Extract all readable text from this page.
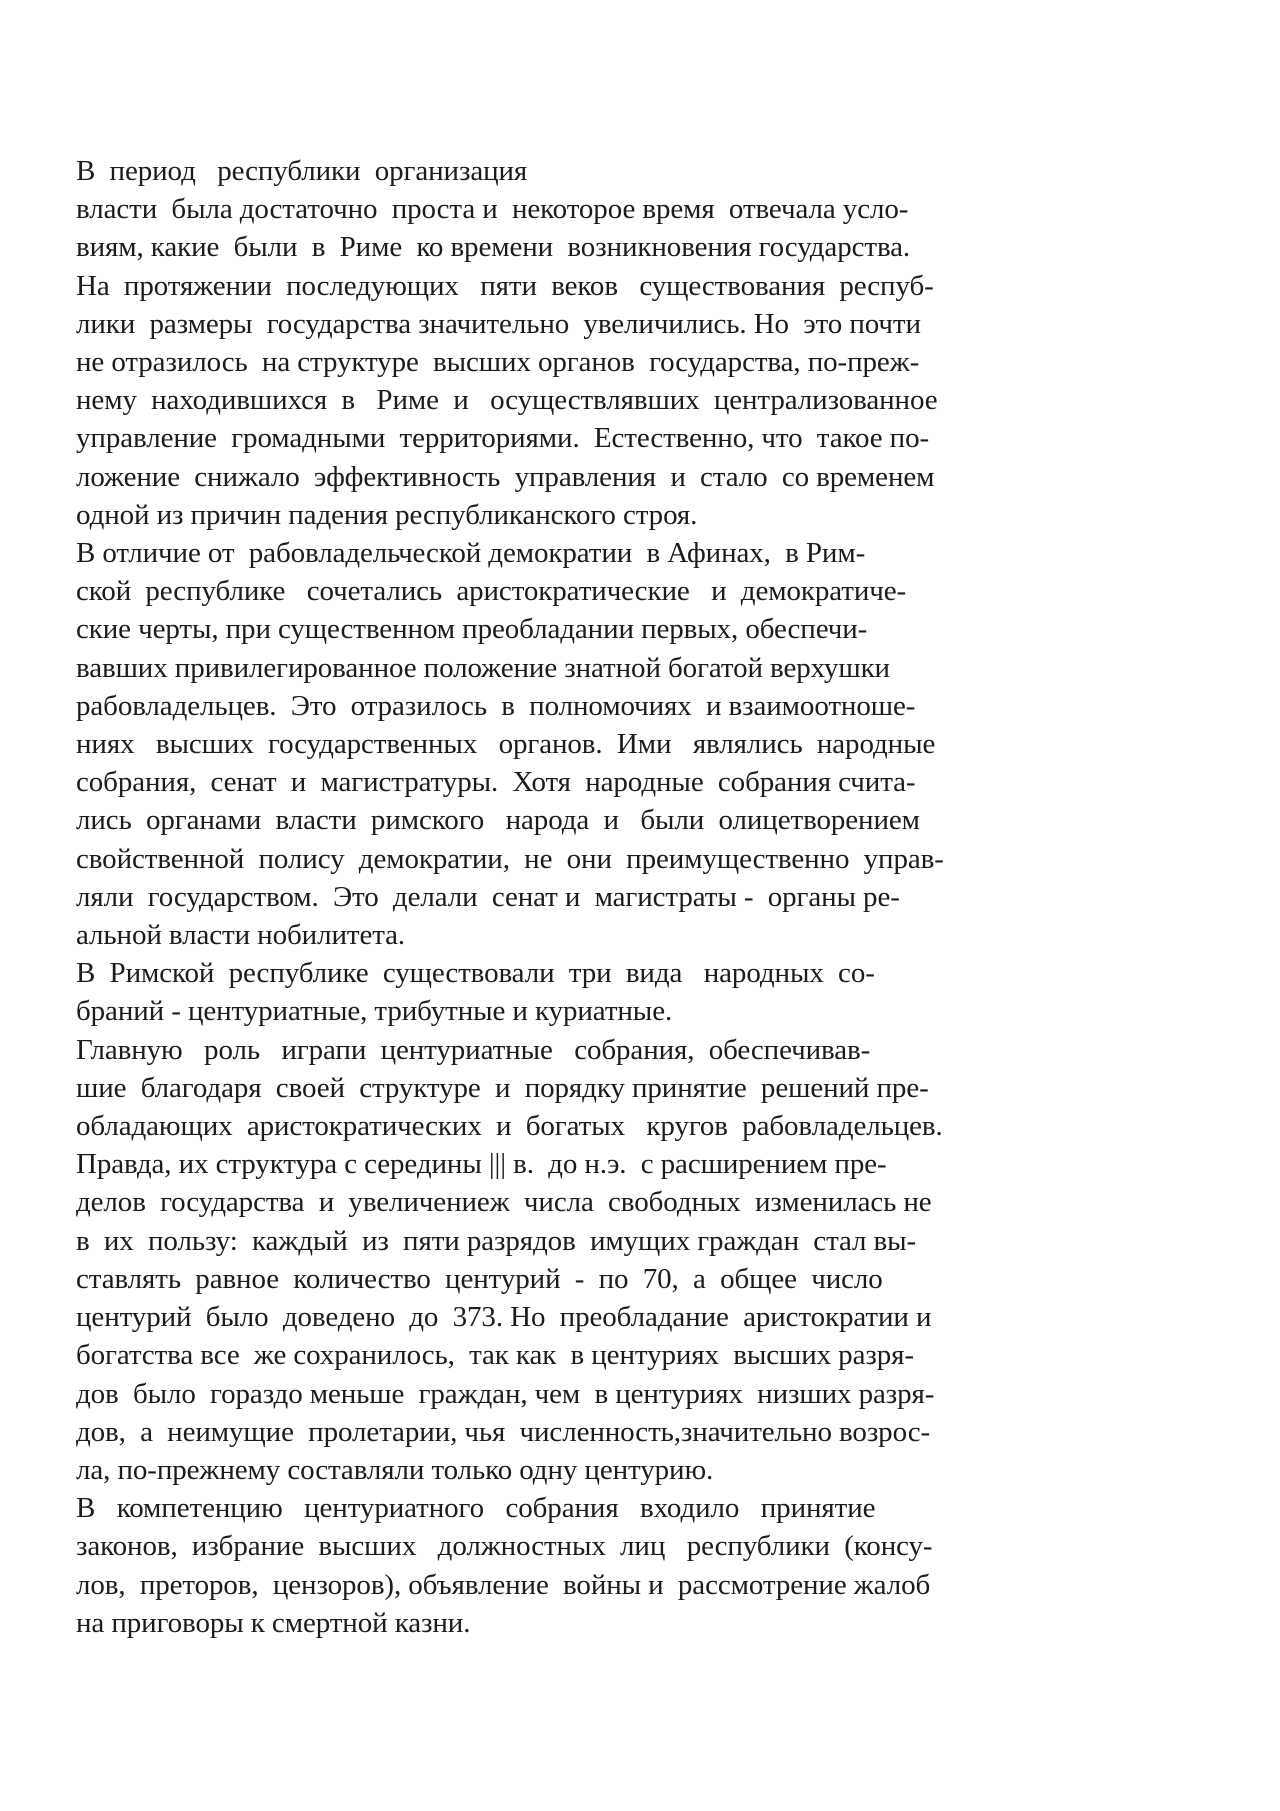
В  период   республики  организация
власти  была достаточно  проста и  некоторое время  отвечала усло-
виям, какие  были  в  Риме  ко времени  возникновения государства.
На  протяжении  последующих   пяти  веков   существования  респуб-
лики  размеры  государства значительно  увеличились. Но  это почти
не отразилось  на структуре  высших органов  государства, по-преж-
нему  находившихся  в   Риме  и   осуществлявших  централизованное
управление  громадными  территориями.  Естественно, что  такое по-
ложение  снижало  эффективность  управления  и  стало  со временем
одной из причин падения республиканского строя.
В отличие от  рабовладельческой демократии  в Афинах,  в Рим-
ской  республике   сочетались  аристократические   и  демократиче-
ские черты, при существенном преобладании первых, обеспечи-
вавших привилегированное положение знатной богатой верхушки
рабовладельцев.  Это  отразилось  в  полномочиях  и взаимоотноше-
ниях   высших  государственных   органов.  Ими   являлись  народные
собрания,  сенат  и  магистратуры.  Хотя  народные  собрания счита-
лись  органами  власти  римского   народа  и   были  олицетворением
свойственной  полису  демократии,  не  они  преимущественно  управ-
ляли  государством.  Это  делали  сенат и  магистраты -  органы ре-
альной власти нобилитета.
В  Римской  республике  существовали  три  вида   народных  со-
браний - центуриатные, трибутные и куриатные.
Главную   роль   играпи  центуриатные   собрания,  обеспечивав-
шие  благодаря  своей  структуре  и  порядку принятие  решений пре-
обладающих  аристократических  и  богатых   кругов  рабовладельцев.
Правда, их структура с середины ||| в.  до н.э.  с расширением пре-
делов  государства  и  увеличениеж  числа  свободных  изменилась не
в  их  пользу:  каждый  из  пяти разрядов  имущих граждан  стал вы-
ставлять  равное  количество  центурий  -  по  70,  а  общее  число
центурий  было  доведено  до  373. Но  преобладание  аристократии и
богатства все  же сохранилось,  так как  в центуриях  высших разря-
дов  было  гораздо меньше  граждан, чем  в центуриях  низших разря-
дов,  а  неимущие  пролетарии, чья  численность,значительно возрос-
ла, по-прежнему составляли только одну центурию.
В   компетенцию   центуриатного   собрания   входило   принятие
законов,  избрание  высших   должностных  лиц   республики  (консу-
лов,  преторов,  цензоров), объявление  войны и  рассмотрение жалоб
на приговоры к смертной казни.
